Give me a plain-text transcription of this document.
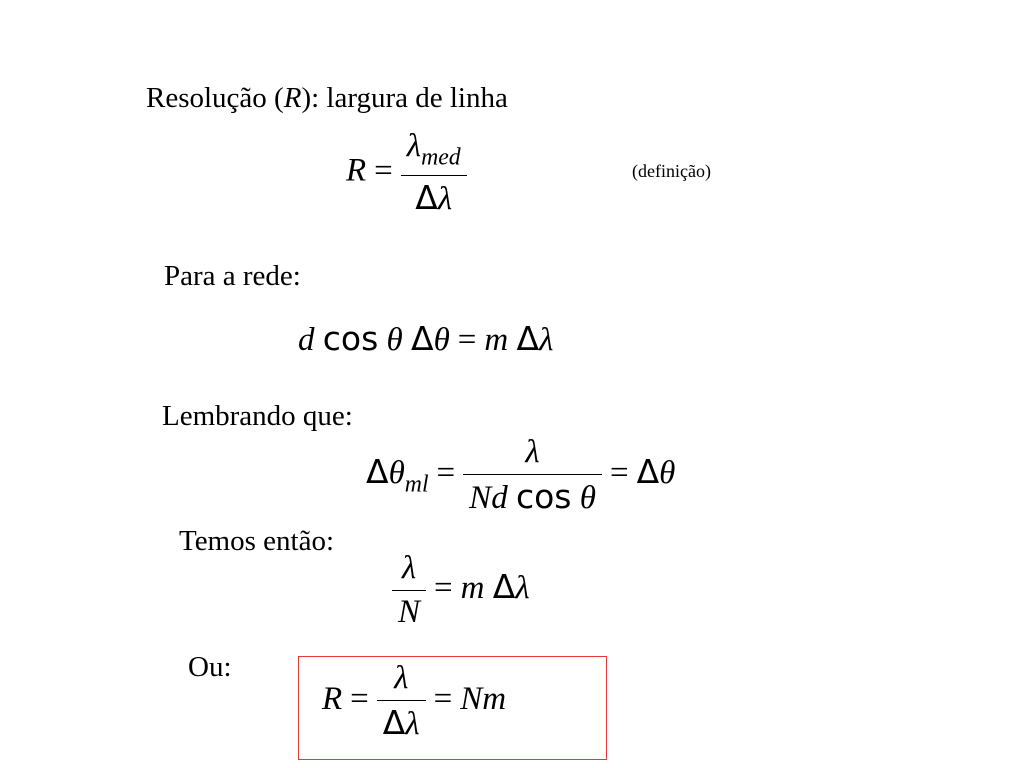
Resolução (R): largura de linha
$R = \frac{\lambda_{med}}{\Delta\lambda}$	(definição)
Para a rede:
d cos θ Δθ = m Δλ
Lembrando que:
$\Delta\theta_{ml} = \frac{\lambda}{\text{Nd cos θ}} = \Delta\theta$
Temos então:
$\frac{\lambda}{N} = m$ Δλ
Ou:
$R = \frac{\lambda}{\Delta\lambda} = Nm$
